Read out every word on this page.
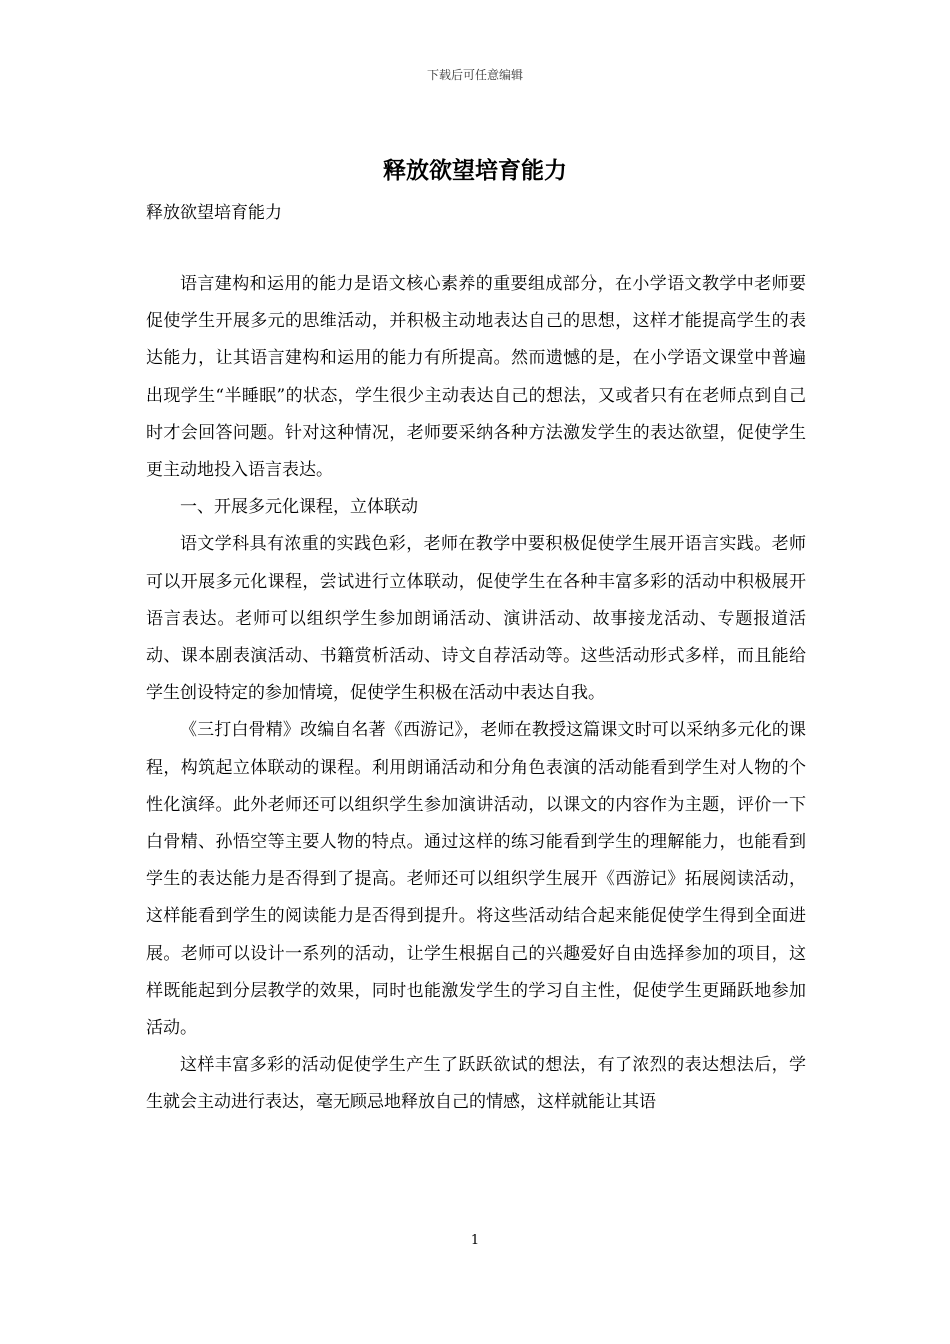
下载后可任意编辑
释放欲望培育能力

释放欲望培育能力

语言建构和运用的能力是语文核心素养的重要组成部分，在小学语文教学中老师要促使学生开展多元的思维活动，并积极主动地表达自己的思想，这样才能提高学生的表达能力，让其语言建构和运用的能力有所提高。然而遗憾的是，在小学语文课堂中普遍出现学生“半睡眠”的状态，学生很少主动表达自己的想法，又或者只有在老师点到自己时才会回答问题。针对这种情况，老师要采纳各种方法激发学生的表达欲望，促使学生更主动地投入语言表达。

一、开展多元化课程，立体联动

语文学科具有浓重的实践色彩，老师在教学中要积极促使学生展开语言实践。老师可以开展多元化课程，尝试进行立体联动，促使学生在各种丰富多彩的活动中积极展开语言表达。老师可以组织学生参加朗诵活动、演讲活动、故事接龙活动、专题报道活动、课本剧表演活动、书籍赏析活动、诗文自荐活动等。这些活动形式多样，而且能给学生创设特定的参加情境，促使学生积极在活动中表达自我。

《三打白骨精》改编自名著《西游记》，老师在教授这篇课文时可以采纳多元化的课程，构筑起立体联动的课程。利用朗诵活动和分角色表演的活动能看到学生对人物的个性化演绎。此外老师还可以组织学生参加演讲活动，以课文的内容作为主题，评价一下白骨精、孙悟空等主要人物的特点。通过这样的练习能看到学生的理解能力，也能看到学生的表达能力是否得到了提高。老师还可以组织学生展开《西游记》拓展阅读活动，这样能看到学生的阅读能力是否得到提升。将这些活动结合起来能促使学生得到全面进展。老师可以设计一系列的活动，让学生根据自己的兴趣爱好自由选择参加的项目，这样既能起到分层教学的效果，同时也能激发学生的学习自主性，促使学生更踊跃地参加活动。

这样丰富多彩的活动促使学生产生了跃跃欲试的想法，有了浓烈的表达想法后，学生就会主动进行表达，毫无顾忌地释放自己的情感，这样就能让其语

1
